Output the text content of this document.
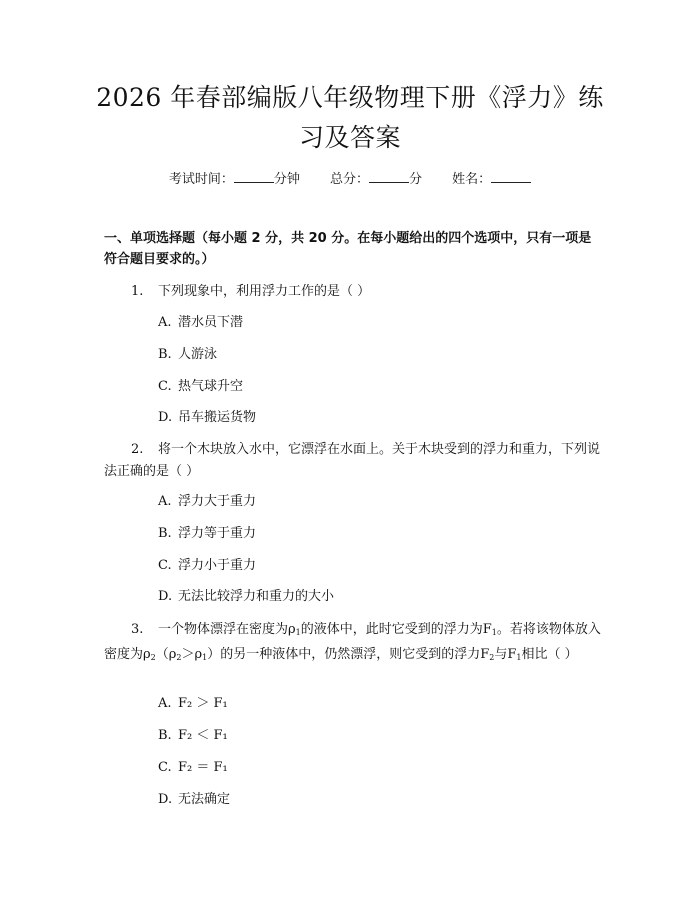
2026 年春部编版八年级物理下册《浮力》练
习及答案
考试时间：	分钟 总分：	分 姓名：
一、单项选择题（每小题 2 分，共 20 分。在每小题给出的四个选项中，只有一项是符合题目要求的。）
1. 下列现象中，利用浮力工作的是（ ）
A. 潜水员下潜
B. 人游泳
C. 热气球升空
D. 吊车搬运货物
2. 将一个木块放入水中，它漂浮在水面上。关于木块受到的浮力和重力，下列说法正确的是（ ）
A. 浮力大于重力
B. 浮力等于重力
C. 浮力小于重力
D. 无法比较浮力和重力的大小
3. 一个物体漂浮在密度为$\rho_1$的液体中，此时它受到的浮力为$F_1$。若将该物体放入密度为$\rho_2(\rho_2>\rho_1)$的另一种液体中，仍然漂浮，则它受到的浮力$F_2$与$F_1$相比（ ）
A. F₂ ＞ F₁
B. F₂ ＜ F₁
C. F₂ ＝ F₁
D. 无法确定
